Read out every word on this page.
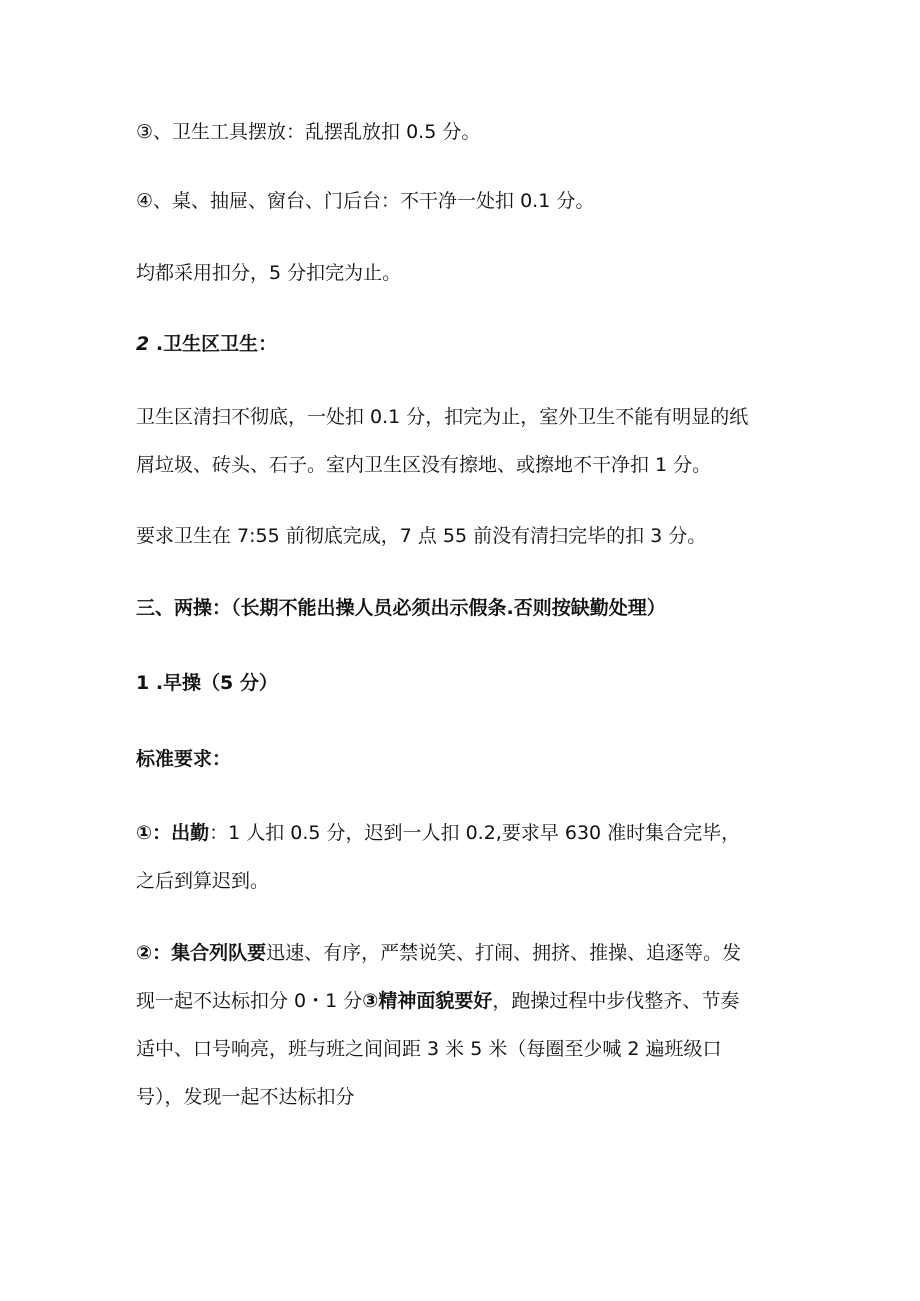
③、卫生工具摆放：乱摆乱放扣 0.5 分。
④、桌、抽屉、窗台、门后台：不干净一处扣 0.1 分。
均都采用扣分，5 分扣完为止。
2 .卫生区卫生：
卫生区清扫不彻底，一处扣 0.1 分，扣完为止，室外卫生不能有明显的纸
屑垃圾、砖头、石子。室内卫生区没有擦地、或擦地不干净扣 1 分。
要求卫生在 7:55 前彻底完成，7 点 55 前没有清扫完毕的扣 3 分。
三、两操：（长期不能出操人员必须出示假条.否则按缺勤处理）
1 .早操（5 分）
标准要求：
①：出勤：1 人扣 0.5 分，迟到一人扣 0.2,要求早 630 准时集合完毕，
之后到算迟到。
②：集合列队要迅速、有序，严禁说笑、打闹、拥挤、推操、追逐等。发
现一起不达标扣分 0・1 分③精神面貌要好，跑操过程中步伐整齐、节奏
适中、口号响亮，班与班之间间距 3 米 5 米（每圈至少喊 2 遍班级口
号），发现一起不达标扣分
